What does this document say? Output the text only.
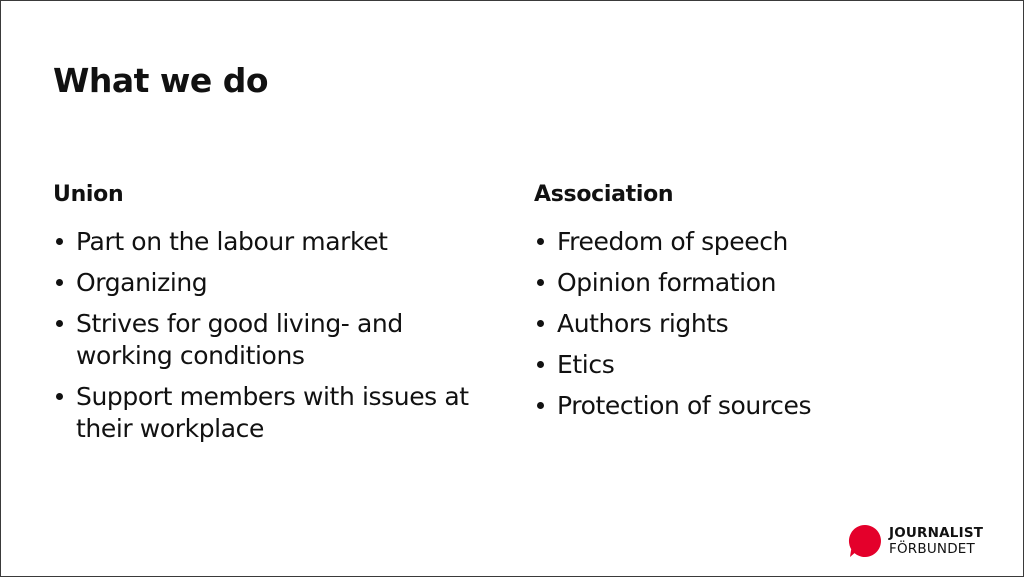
What we do
Union
Part on the labour market
Organizing
Strives for good living- and working conditions
Support members with issues at their workplace
Association
Freedom of speech
Opinion formation
Authors rights
Etics
Protection of sources
JOURNALIST
FÖRBUNDET
